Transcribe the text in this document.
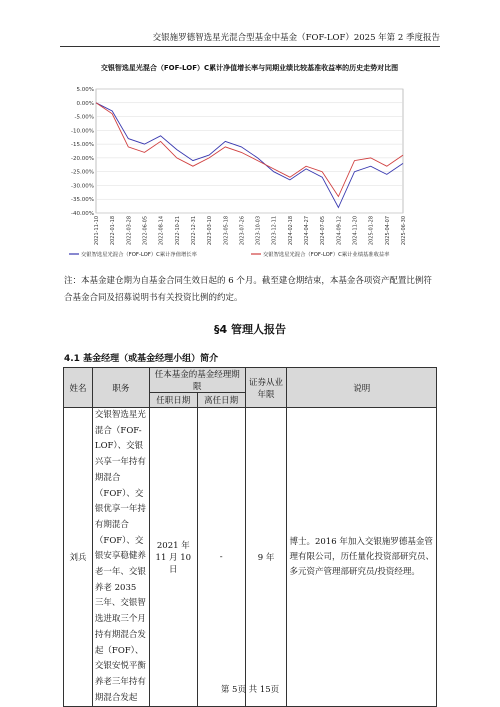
交银施罗德智选星光混合型基金中基金（FOF-LOF）2025 年第 2 季度报告
5.00%
0.00%
-5.00%
-10.00%
-15.00%
-20.00%
-25.00%
-30.00%
-35.00%
-40.00%
2021-11-10 2022-01-18 2022-03-28 2022-06-05 2022-08-14 2022-10-21 2022-12-31 2023-03-10 2023-05-18 2023-07-26 2023-10-03 2023-12-11 2024-02-18 2024-04-27 2024-07-05 2024-09-12 2024-11-20 2025-01-28 2025-04-07 2025-06-30
交银智选星光混合（FOF-LOF）C累计净值增长率	交银智选星光混合（FOF-LOF）C累计业绩基准收益率
交银智选星光混合（FOF-LOF）C累计净值增长率与同期业绩比较基准收益率的历史走势对比图
注：本基金建仓期为自基金合同生效日起的 6 个月。截至建仓期结束，本基金各项资产配置比例符合基金合同及招募说明书有关投资比例的约定。
§4 管理人报告
4.1 基金经理（或基金经理小组）简介
姓名	职务	任本基金的基金经理期限		证券从业年限	说明
		任职日期	离任日期		
刘兵	交银智选星光混合（FOF-LOF）、交银兴享一年持有期混合（FOF）、交银优享一年持有期混合（FOF）、交银安享稳健养老一年、交银养老 2035 三年、交银智选进取三个月持有期混合发起（FOF）、交银安悦平衡养老三年持有期混合发起	2021 年 11 月 10 日	-	9 年	博士。2016 年加入交银施罗德基金管理有限公司，历任量化投资部研究员、多元资产管理部研究员/投资经理。
第 5页 共 15页
